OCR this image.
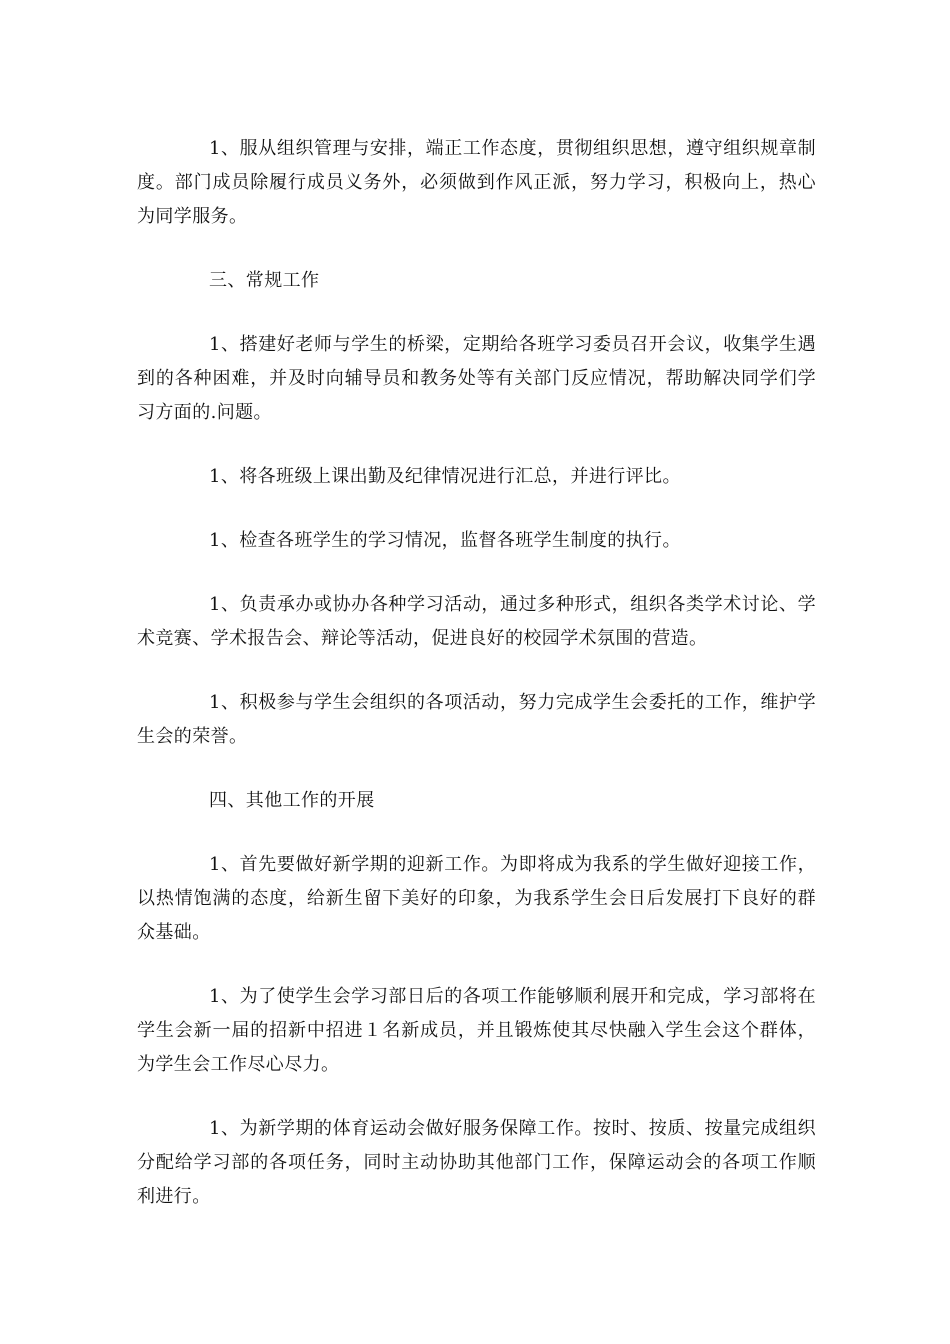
1、服从组织管理与安排，端正工作态度，贯彻组织思想，遵守组织规章制度。部门成员除履行成员义务外，必须做到作风正派，努力学习，积极向上，热心为同学服务。

三、常规工作

1、搭建好老师与学生的桥梁，定期给各班学习委员召开会议，收集学生遇到的各种困难，并及时向辅导员和教务处等有关部门反应情况，帮助解决同学们学习方面的.问题。

1、将各班级上课出勤及纪律情况进行汇总，并进行评比。

1、检查各班学生的学习情况，监督各班学生制度的执行。

1、负责承办或协办各种学习活动，通过多种形式，组织各类学术讨论、学术竞赛、学术报告会、辩论等活动，促进良好的校园学术氛围的营造。

1、积极参与学生会组织的各项活动，努力完成学生会委托的工作，维护学生会的荣誉。

四、其他工作的开展

1、首先要做好新学期的迎新工作。为即将成为我系的学生做好迎接工作，以热情饱满的态度，给新生留下美好的印象，为我系学生会日后发展打下良好的群众基础。

1、为了使学生会学习部日后的各项工作能够顺利展开和完成，学习部将在学生会新一届的招新中招进１名新成员，并且锻炼使其尽快融入学生会这个群体，为学生会工作尽心尽力。

1、为新学期的体育运动会做好服务保障工作。按时、按质、按量完成组织分配给学习部的各项任务，同时主动协助其他部门工作，保障运动会的各项工作顺利进行。
